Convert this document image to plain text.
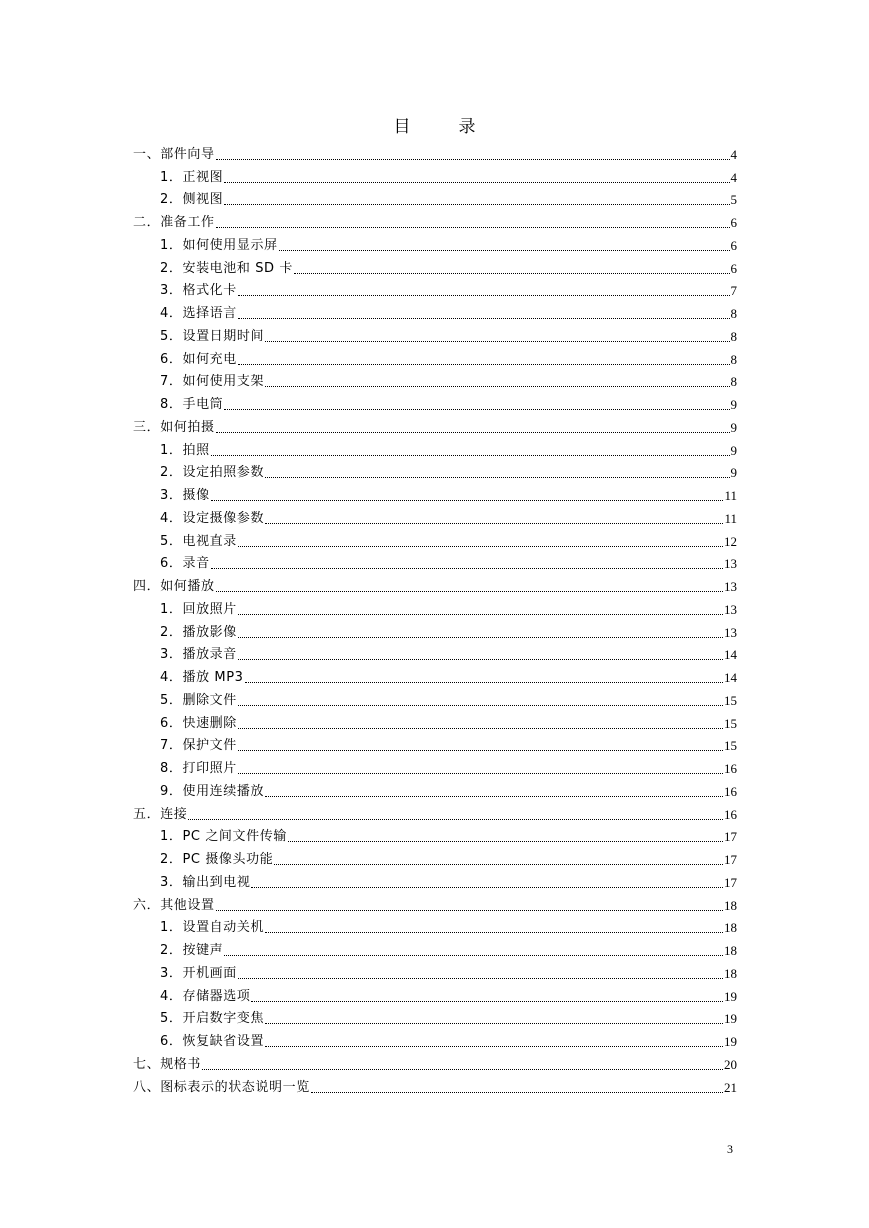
目	录
一、部件向导	4
1．正视图	4
2．侧视图	5
二．准备工作	6
1．如何使用显示屏	6
2．安装电池和 SD 卡	6
3．格式化卡	7
4．选择语言	8
5．设置日期时间	8
6．如何充电	8
7．如何使用支架	8
8．手电筒	9
三．如何拍摄	9
1．拍照	9
2．设定拍照参数	9
3．摄像	11
4．设定摄像参数	11
5．电视直录	12
6．录音	13
四．如何播放	13
1．回放照片	13
2．播放影像	13
3．播放录音	14
4．播放 MP3	14
5．删除文件	15
6．快速删除	15
7．保护文件	15
8．打印照片	16
9．使用连续播放	16
五．连接	16
1．PC 之间文件传输	17
2．PC 摄像头功能	17
3．输出到电视	17
六．其他设置	18
1．设置自动关机	18
2．按键声	18
3．开机画面	18
4．存储器选项	19
5．开启数字变焦	19
6．恢复缺省设置	19
七、规格书	20
八、图标表示的状态说明一览	21
3
